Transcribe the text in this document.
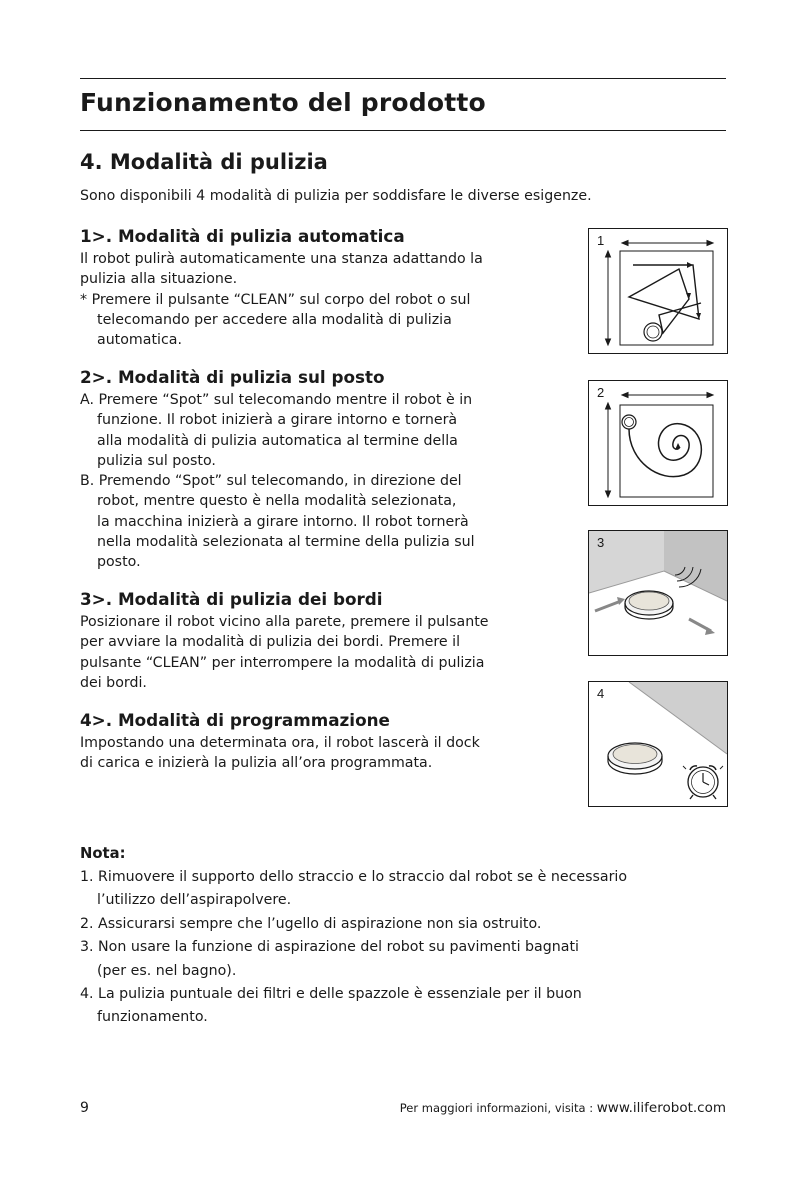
Funzionamento del prodotto
4. Modalità di pulizia
Sono disponibili 4 modalità di pulizia per soddisfare le diverse esigenze.
1>. Modalità di pulizia automatica

Il robot pulirà automaticamente una stanza adattando la

pulizia alla situazione.

* Premere il pulsante “CLEAN” sul corpo del robot o sul

telecomando per accedere alla modalità di pulizia

automatica.

2>. Modalità di pulizia sul posto

A. Premere “Spot” sul telecomando mentre il robot è in

funzione. Il robot inizierà a girare intorno e tornerà

alla modalità di pulizia automatica al termine della

pulizia sul posto.

B. Premendo “Spot” sul telecomando, in direzione del

robot, mentre questo è nella modalità selezionata,

la macchina inizierà a girare intorno. Il robot tornerà

nella modalità selezionata al termine della pulizia sul

posto.

3>. Modalità di pulizia dei bordi

Posizionare il robot vicino alla parete, premere il pulsante

per avviare la modalità di pulizia dei bordi. Premere il

pulsante “CLEAN” per interrompere la modalità di pulizia

dei bordi.

4>. Modalità di programmazione

Impostando una determinata ora, il robot lascerà il dock

di carica e inizierà la pulizia all’ora programmata.

1
2
3
4
Nota:

1. Rimuovere il supporto dello straccio e lo straccio dal robot se è necessario

l’utilizzo dell’aspirapolvere.

2. Assicurarsi sempre che l’ugello di aspirazione non sia ostruito.

3. Non usare la funzione di aspirazione del robot su pavimenti bagnati

(per es. nel bagno).

4. La pulizia puntuale dei filtri e delle spazzole è essenziale per il buon

funzionamento.

9	Per maggiori informazioni, visita : www.iliferobot.com
